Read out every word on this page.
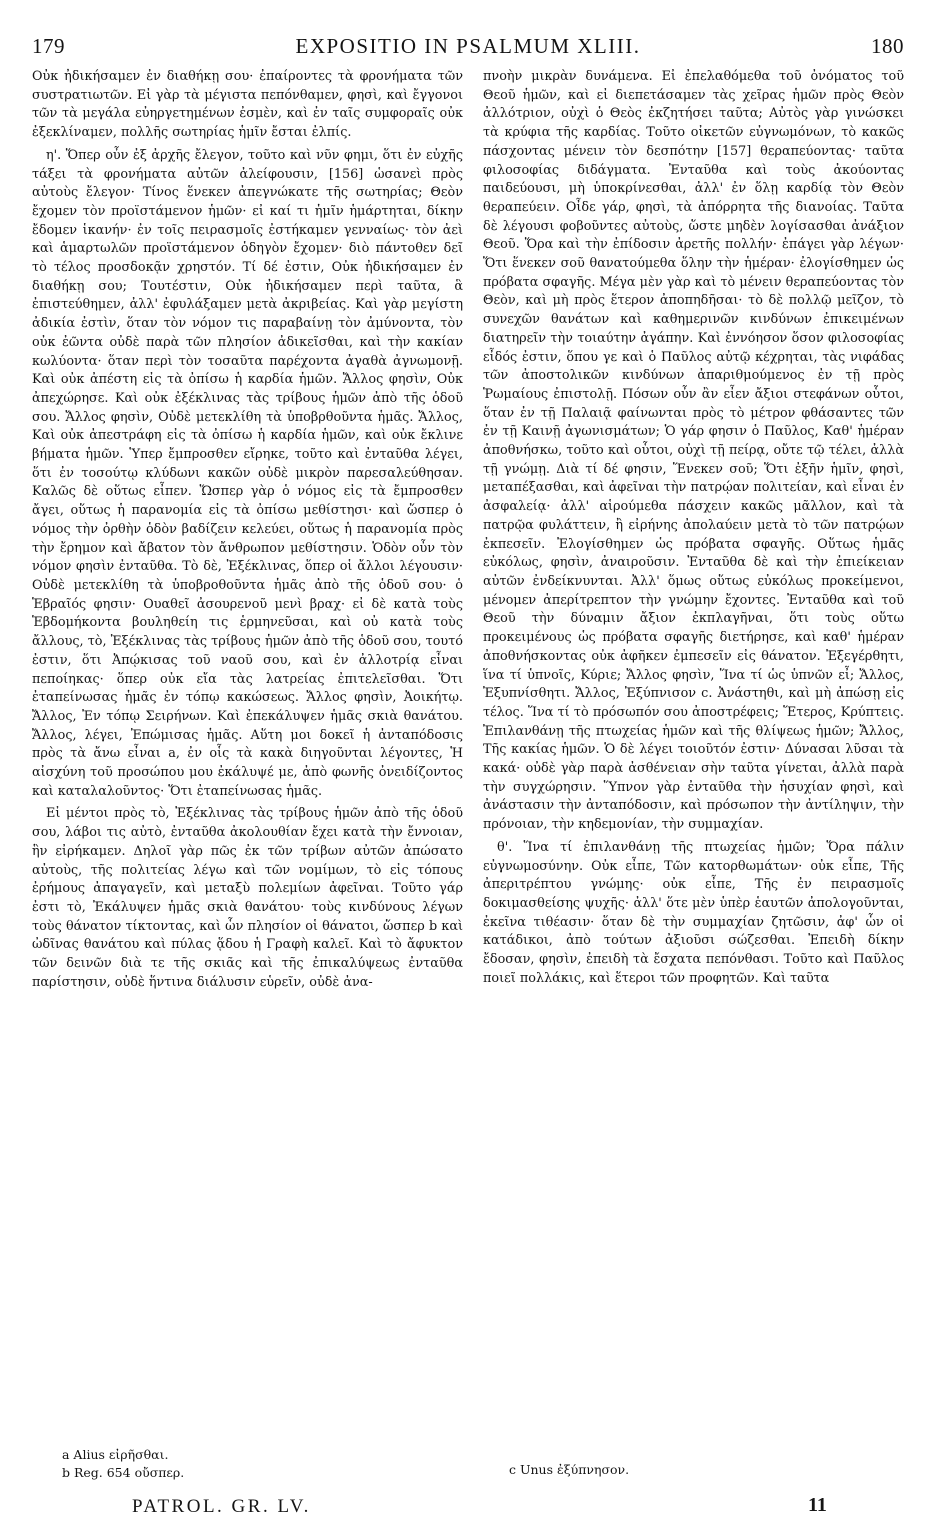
179	EXPOSITIO IN PSALMUM XLIII.	180

Οὐκ ἠδικήσαμεν ἐν διαθήκῃ σου· ἐπαίροντες τὰ φρονήματα τῶν συστρατιωτῶν. Εἰ γὰρ τὰ μέγιστα πεπόνθαμεν, φησὶ, καὶ ἔγγονοι τῶν τὰ μεγάλα εὐηργετημένων ἐσμὲν, καὶ ἐν ταῖς συμφοραῖς οὐκ ἐξεκλίναμεν, πολλῆς σωτηρίας ἡμῖν ἔσται ἐλπίς.

η'. Ὅπερ οὖν ἐξ ἀρχῆς ἔλεγον, τοῦτο καὶ νῦν φημι, ὅτι ἐν εὐχῆς τάξει τὰ φρονήματα αὐτῶν ἀλείφουσιν, [156] ὡσανεὶ πρὸς αὐτοὺς ἔλεγον· Τίνος ἕνεκεν ἀπεγνώκατε τῆς σωτηρίας; Θεὸν ἔχομεν τὸν προϊστάμενον ἡμῶν· εἰ καί τι ἡμῖν ἡμάρτηται, δίκην ἔδομεν ἱκανήν· ἐν τοῖς πειρασμοῖς ἐστήκαμεν γενναίως· τὸν ἀεὶ καὶ ἁμαρτωλῶν προϊστάμενον ὁδηγὸν ἔχομεν· διὸ πάντοθεν δεῖ τὸ τέλος προσδοκᾷν χρηστόν. Τί δέ ἐστιν, Οὐκ ἠδικήσαμεν ἐν διαθήκῃ σου; Τουτέστιν, Οὐκ ἠδικήσαμεν περὶ ταῦτα, ἃ ἐπιστεύθημεν, ἀλλ' ἐφυλάξαμεν μετὰ ἀκριβείας. Καὶ γὰρ μεγίστη ἀδικία ἐστὶν, ὅταν τὸν νόμον τις παραβαίνῃ τὸν ἀμύνοντα, τὸν οὐκ ἐῶντα οὐδὲ παρὰ τῶν πλησίον ἀδικεῖσθαι, καὶ τὴν κακίαν κωλύοντα· ὅταν περὶ τὸν τοσαῦτα παρέχοντα ἀγαθὰ ἀγνωμονῇ. Καὶ οὐκ ἀπέστη εἰς τὰ ὀπίσω ἡ καρδία ἡμῶν. Ἄλλος φησὶν, Οὐκ ἀπεχώρησε. Καὶ οὐκ ἐξέκλινας τὰς τρίβους ἡμῶν ἀπὸ τῆς ὁδοῦ σου. Ἄλλος φησὶν, Οὐδὲ μετεκλίθη τὰ ὑποβρθοῦντα ἡμᾶς. Ἄλλος, Καὶ οὐκ ἀπεστράφη εἰς τὰ ὀπίσω ἡ καρδία ἡμῶν, καὶ οὐκ ἔκλινε βήματα ἡμῶν. Ὑπερ ἔμπροσθεν εἴρηκε, τοῦτο καὶ ἐνταῦθα λέγει, ὅτι ἐν τοσούτῳ κλύδωνι κακῶν οὐδὲ μικρὸν παρεσαλεύθησαν. Καλῶς δὲ οὕτως εἶπεν. Ὥσπερ γὰρ ὁ νόμος εἰς τὰ ἔμπροσθεν ἄγει, οὕτως ἡ παρανομία εἰς τὰ ὀπίσω μεθίστησι· καὶ ὥσπερ ὁ νόμος τὴν ὀρθὴν ὁδὸν βαδίζειν κελεύει, οὕτως ἡ παρανομία πρὸς τὴν ἔρημον καὶ ἄβατον τὸν ἄνθρωπον μεθίστησιν. Ὁδὸν οὖν τὸν νόμον φησὶν ἐνταῦθα. Τὸ δὲ, Ἐξέκλινας, ὅπερ οἱ ἄλλοι λέγουσιν· Οὐδὲ μετεκλίθη τὰ ὑποβροθοῦντα ἡμᾶς ἀπὸ τῆς ὁδοῦ σου· ὁ Ἑβραῖός φησιν· Ουαθεῖ ἀσουρενοῦ μενὶ βραχ· εἰ δὲ κατὰ τοὺς Ἑβδομήκοντα βουληθείη τις ἑρμηνεῦσαι, καὶ οὐ κατὰ τοὺς ἄλλους, τὸ, Ἐξέκλινας τὰς τρίβους ἡμῶν ἀπὸ τῆς ὁδοῦ σου, τουτό ἐστιν, ὅτι Ἀπῴκισας τοῦ ναοῦ σου, καὶ ἐν ἀλλοτρίᾳ εἶναι πεποίηκας· ὅπερ οὐκ εἴα τὰς λατρείας ἐπιτελεῖσθαι. Ὅτι ἐταπείνωσας ἡμᾶς ἐν τόπῳ κακώσεως. Ἄλλος φησὶν, Ἀοικήτῳ. Ἄλλος, Ἐν τόπῳ Σειρήνων. Καὶ ἐπεκάλυψεν ἡμᾶς σκιὰ θανάτου. Ἄλλος, λέγει, Ἐπώμισας ἡμᾶς. Αὕτη μοι δοκεῖ ἡ ἀνταπόδοσις πρὸς τὰ ἄνω εἶναι a, ἐν οἷς τὰ κακὰ διηγοῦνται λέγοντες, Ἡ αἰσχύνη τοῦ προσώπου μου ἐκάλυψέ με, ἀπὸ φωνῆς ὀνειδίζοντος καὶ καταλαλοῦντος· Ὅτι ἐταπείνωσας ἡμᾶς.

Εἰ μέντοι πρὸς τὸ, Ἐξέκλινας τὰς τρίβους ἡμῶν ἀπὸ τῆς ὁδοῦ σου, λάβοι τις αὐτὸ, ἐνταῦθα ἀκολουθίαν ἔχει κατὰ τὴν ἔννοιαν, ἣν εἰρήκαμεν. Δηλοῖ γὰρ πῶς ἐκ τῶν τρίβων αὐτῶν ἀπώσατο αὐτοὺς, τῆς πολιτείας λέγω καὶ τῶν νομίμων, τὸ εἰς τόπους ἐρήμους ἀπαγαγεῖν, καὶ μεταξὺ πολεμίων ἀφεῖναι. Τοῦτο γάρ ἐστι τὸ, Ἐκάλυψεν ἡμᾶς σκιὰ θανάτου· τοὺς κινδύνους λέγων τοὺς θάνατον τίκτοντας, καὶ ὧν πλησίον οἱ θάνατοι, ὥσπερ b καὶ ὠδῖνας θανάτου καὶ πύλας ᾅδου ἡ Γραφὴ καλεῖ. Καὶ τὸ ἄφυκτον τῶν δεινῶν διὰ τε τῆς σκιᾶς καὶ τῆς ἐπικαλύψεως ἐνταῦθα παρίστησιν, οὐδὲ ἥντινα διάλυσιν εὑρεῖν, οὐδὲ ἀνα-

πνοὴν μικρὰν δυνάμενα. Εἰ ἐπελαθόμεθα τοῦ ὀνόματος τοῦ Θεοῦ ἡμῶν, καὶ εἰ διεπετάσαμεν τὰς χεῖρας ἡμῶν πρὸς Θεὸν ἀλλότριον, οὐχὶ ὁ Θεὸς ἐκζητήσει ταῦτα; Αὐτὸς γὰρ γινώσκει τὰ κρύφια τῆς καρδίας. Τοῦτο οἰκετῶν εὐγνωμόνων, τὸ κακῶς πάσχοντας μένειν τὸν δεσπότην [157] θεραπεύοντας· ταῦτα φιλοσοφίας διδάγματα. Ἐνταῦθα καὶ τοὺς ἀκούοντας παιδεύουσι, μὴ ὑποκρίνεσθαι, ἀλλ' ἐν ὅλῃ καρδίᾳ τὸν Θεὸν θεραπεύειν. Οἶδε γάρ, φησὶ, τὰ ἀπόρρητα τῆς διανοίας. Ταῦτα δὲ λέγουσι φοβοῦντες αὐτοὺς, ὥστε μηδὲν λογίσασθαι ἀνάξιον Θεοῦ. Ὅρα καὶ τὴν ἐπίδοσιν ἀρετῆς πολλήν· ἐπάγει γὰρ λέγων· Ὅτι ἕνεκεν σοῦ θανατούμεθα ὅλην τὴν ἡμέραν· ἐλογίσθημεν ὡς πρόβατα σφαγῆς. Μέγα μὲν γὰρ καὶ τὸ μένειν θεραπεύοντας τὸν Θεὸν, καὶ μὴ πρὸς ἕτερον ἀποπηδῆσαι· τὸ δὲ πολλῷ μεῖζον, τὸ συνεχῶν θανάτων καὶ καθημερινῶν κινδύνων ἐπικειμένων διατηρεῖν τὴν τοιαύτην ἀγάπην. Καὶ ἐννόησον ὅσον φιλοσοφίας εἶδός ἐστιν, ὅπου γε καὶ ὁ Παῦλος αὐτῷ κέχρηται, τὰς νιφάδας τῶν ἀποστολικῶν κινδύνων ἀπαριθμούμενος ἐν τῇ πρὸς Ῥωμαίους ἐπιστολῇ. Πόσων οὖν ἂν εἶεν ἄξιοι στεφάνων οὗτοι, ὅταν ἐν τῇ Παλαιᾷ φαίνωνται πρὸς τὸ μέτρον φθάσαντες τῶν ἐν τῇ Καινῇ ἀγωνισμάτων; Ὁ γάρ φησιν ὁ Παῦλος, Καθ' ἡμέραν ἀποθνήσκω, τοῦτο καὶ οὗτοι, οὐχὶ τῇ πείρᾳ, οὔτε τῷ τέλει, ἀλλὰ τῇ γνώμῃ. Διὰ τί δέ φησιν, Ἕνεκεν σοῦ; Ὅτι ἐξῆν ἡμῖν, φησὶ, μεταπέξασθαι, καὶ ἀφεῖναι τὴν πατρῴαν πολιτείαν, καὶ εἶναι ἐν ἀσφαλείᾳ· ἀλλ' αἱρούμεθα πάσχειν κακῶς μᾶλλον, καὶ τὰ πατρῷα φυλάττειν, ἢ εἰρήνης ἀπολαύειν μετὰ τὸ τῶν πατρῴων ἐκπεσεῖν. Ἐλογίσθημεν ὡς πρόβατα σφαγῆς. Οὕτως ἡμᾶς εὐκόλως, φησὶν, ἀναιροῦσιν. Ἐνταῦθα δὲ καὶ τὴν ἐπιείκειαν αὐτῶν ἐνδείκνυνται. Ἀλλ' ὅμως οὕτως εὐκόλως προκείμενοι, μένομεν ἀπερίτρεπτον τὴν γνώμην ἔχοντες. Ἐνταῦθα καὶ τοῦ Θεοῦ τὴν δύναμιν ἄξιον ἐκπλαγῆναι, ὅτι τοὺς οὕτω προκειμένους ὡς πρόβατα σφαγῆς διετήρησε, καὶ καθ' ἡμέραν ἀποθνήσκοντας οὐκ ἀφῆκεν ἐμπεσεῖν εἰς θάνατον. Ἐξεγέρθητι, ἵνα τί ὑπνοῖς, Κύριε; Ἄλλος φησὶν, Ἵνα τί ὡς ὑπνῶν εἶ; Ἄλλος, Ἐξυπνίσθητι. Ἄλλος, Ἐξύπνισον c. Ἀνάστηθι, καὶ μὴ ἀπώσῃ εἰς τέλος. Ἵνα τί τὸ πρόσωπόν σου ἀποστρέφεις; Ἕτερος, Κρύπτεις. Ἐπιλανθάνῃ τῆς πτωχείας ἡμῶν καὶ τῆς θλίψεως ἡμῶν; Ἄλλος, Τῆς κακίας ἡμῶν. Ὁ δὲ λέγει τοιοῦτόν ἐστιν· Δύνασαι λῦσαι τὰ κακά· οὐδὲ γὰρ παρὰ ἀσθένειαν σὴν ταῦτα γίνεται, ἀλλὰ παρὰ τὴν συγχώρησιν. Ὕπνον γὰρ ἐνταῦθα τὴν ἡσυχίαν φησὶ, καὶ ἀνάστασιν τὴν ἀνταπόδοσιν, καὶ πρόσωπον τὴν ἀντίληψιν, τὴν πρόνοιαν, τὴν κηδεμονίαν, τὴν συμμαχίαν.

θ'. Ἵνα τί ἐπιλανθάνῃ τῆς πτωχείας ἡμῶν; Ὅρα πάλιν εὐγνωμοσύνην. Οὐκ εἶπε, Τῶν κατορθωμάτων· οὐκ εἶπε, Τῆς ἀπεριτρέπτου γνώμης· οὐκ εἶπε, Τῆς ἐν πειρασμοῖς δοκιμασθείσης ψυχῆς· ἀλλ' ὅτε μὲν ὑπὲρ ἑαυτῶν ἀπολογοῦνται, ἐκεῖνα τιθέασιν· ὅταν δὲ τὴν συμμαχίαν ζητῶσιν, ἀφ' ὧν οἱ κατάδικοι, ἀπὸ τούτων ἀξιοῦσι σώζεσθαι. Ἐπειδὴ δίκην ἔδοσαν, φησὶν, ἐπειδὴ τὰ ἔσχατα πεπόνθασι. Τοῦτο καὶ Παῦλος ποιεῖ πολλάκις, καὶ ἕτεροι τῶν προφητῶν. Καὶ ταῦτα

a Alius εἰρῆσθαι.
b Reg. 654 οὔσπερ.	c Unus ἐξύπνησον.
PATROL. GR. LV.	11
